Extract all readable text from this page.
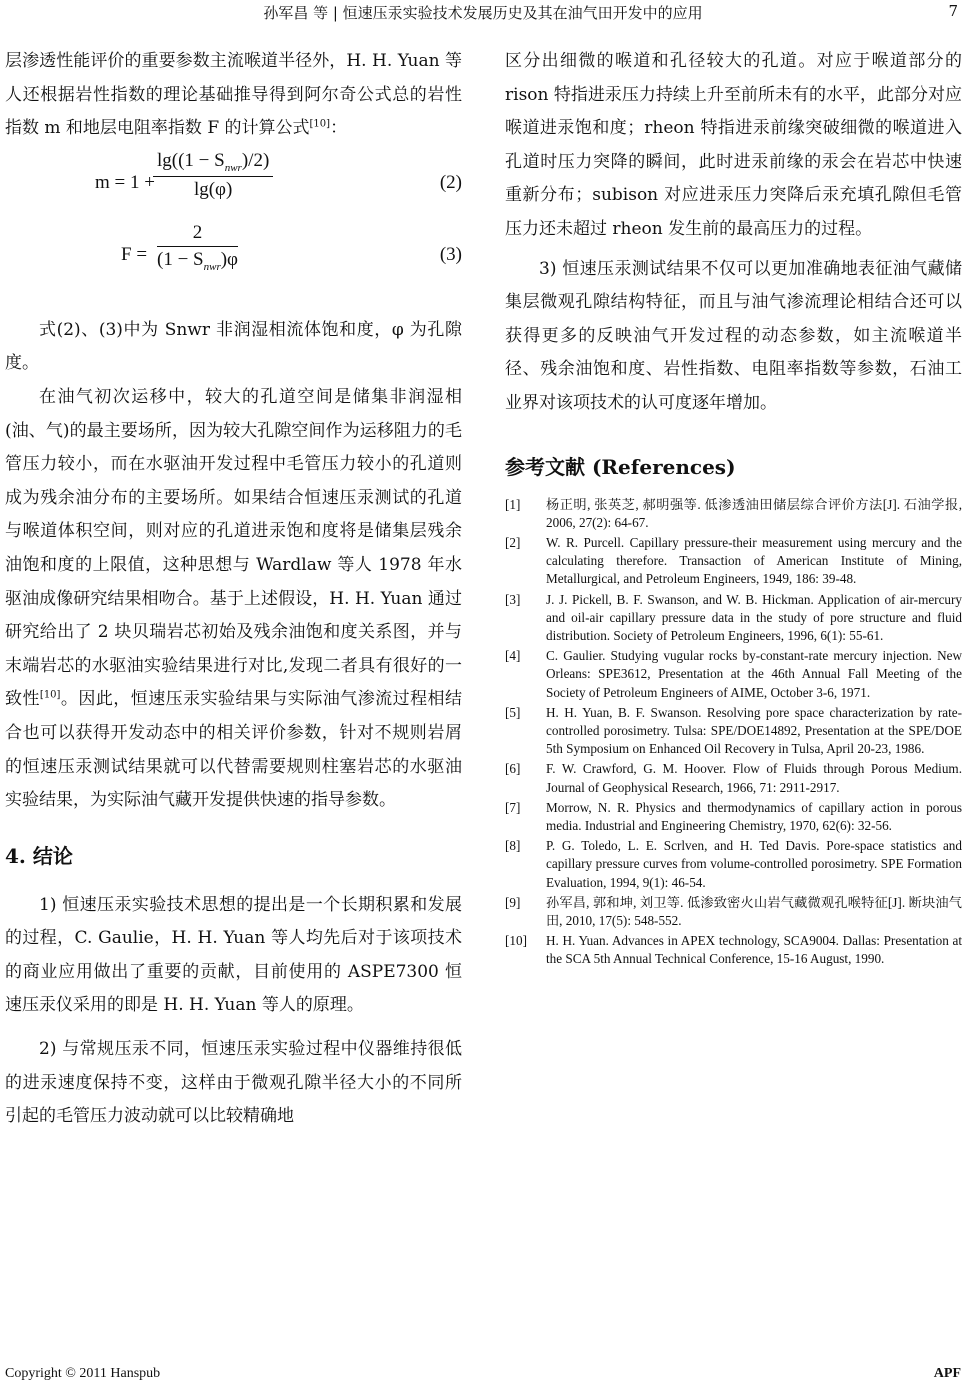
孙军昌 等 | 恒速压汞实验技术发展历史及其在油气田开发中的应用	7

层渗透性能评价的重要参数主流喉道半径外，H. H. Yuan 等人还根据岩性指数的理论基础推导得到阿尔奇公式总的岩性指数 m 和地层电阻率指数 F 的计算公式[10]：

m = 1 +
$\lg((1 - S_{nwr})/2)$
lg(φ)	(2)
F =
2
$(1 - S_{nwr})\varphi$	(3)

式(2)、(3)中为 Snwr 非润湿相流体饱和度，φ 为孔隙度。

在油气初次运移中，较大的孔道空间是储集非润湿相(油、气)的最主要场所，因为较大孔隙空间作为运移阻力的毛管压力较小，而在水驱油开发过程中毛管压力较小的孔道则成为残余油分布的主要场所。如果结合恒速压汞测试的孔道与喉道体积空间，则对应的孔道进汞饱和度将是储集层残余油饱和度的上限值，这种思想与 Wardlaw 等人 1978 年水驱油成像研究结果相吻合。基于上述假设，H. H. Yuan 通过研究给出了 2 块贝瑞岩芯初始及残余油饱和度关系图，并与末端岩芯的水驱油实验结果进行对比,发现二者具有很好的一致性[10]。因此，恒速压汞实验结果与实际油气渗流过程相结合也可以获得开发动态中的相关评价参数，针对不规则岩屑的恒速压汞测试结果就可以代替需要规则柱塞岩芯的水驱油实验结果，为实际油气藏开发提供快速的指导参数。

4. 结论

1) 恒速压汞实验技术思想的提出是一个长期积累和发展的过程，C. Gaulie，H. H. Yuan 等人均先后对于该项技术的商业应用做出了重要的贡献，目前使用的 ASPE7300 恒速压汞仪采用的即是 H. H. Yuan 等人的原理。

2) 与常规压汞不同，恒速压汞实验过程中仪器维持很低的进汞速度保持不变，这样由于微观孔隙半径大小的不同所引起的毛管压力波动就可以比较精确地

区分出细微的喉道和孔径较大的孔道。对应于喉道部分的 rison 特指进汞压力持续上升至前所未有的水平，此部分对应喉道进汞饱和度；rheon 特指进汞前缘突破细微的喉道进入孔道时压力突降的瞬间，此时进汞前缘的汞会在岩芯中快速重新分布；subison 对应进汞压力突降后汞充填孔隙但毛管压力还未超过 rheon 发生前的最高压力的过程。

3) 恒速压汞测试结果不仅可以更加准确地表征油气藏储集层微观孔隙结构特征，而且与油气渗流理论相结合还可以获得更多的反映油气开发过程的动态参数，如主流喉道半径、残余油饱和度、岩性指数、电阻率指数等参数，石油工业界对该项技术的认可度逐年增加。

参考文献 (References)
[1]	杨正明, 张英芝, 郝明强等. 低渗透油田储层综合评价方法[J]. 石油学报, 2006, 27(2): 64-67.
[2]	W. R. Purcell. Capillary pressure-their measurement using mercury and the calculating therefore. Transaction of American Institute of Mining, Metallurgical, and Petroleum Engineers, 1949, 186: 39-48.
[3]	J. J. Pickell, B. F. Swanson, and W. B. Hickman. Application of air-mercury and oil-air capillary pressure data in the study of pore structure and fluid distribution. Society of Petroleum Engineers, 1996, 6(1): 55-61.
[4]	C. Gaulier. Studying vugular rocks by-constant-rate mercury injection. New Orleans: SPE3612, Presentation at the 46th Annual Fall Meeting of the Society of Petroleum Engineers of AIME, October 3-6, 1971.
[5]	H. H. Yuan, B. F. Swanson. Resolving pore space characterization by rate-controlled porosimetry. Tulsa: SPE/DOE14892, Presentation at the SPE/DOE 5th Symposium on Enhanced Oil Recovery in Tulsa, April 20-23, 1986.
[6]	F. W. Crawford, G. M. Hoover. Flow of Fluids through Porous Medium. Journal of Geophysical Research, 1966, 71: 2911-2917.
[7]	Morrow, N. R. Physics and thermodynamics of capillary action in porous media. Industrial and Engineering Chemistry, 1970, 62(6): 32-56.
[8]	P. G. Toledo, L. E. Scrlven, and H. Ted Davis. Pore-space statistics and capillary pressure curves from volume-controlled porosimetry. SPE Formation Evaluation, 1994, 9(1): 46-54.
[9]	孙军昌, 郭和坤, 刘卫等. 低渗致密火山岩气藏微观孔喉特征[J]. 断块油气田, 2010, 17(5): 548-552.
[10]	H. H. Yuan. Advances in APEX technology, SCA9004. Dallas: Presentation at the SCA 5th Annual Technical Conference, 15-16 August, 1990.
Copyright © 2011 Hanspub	APF
